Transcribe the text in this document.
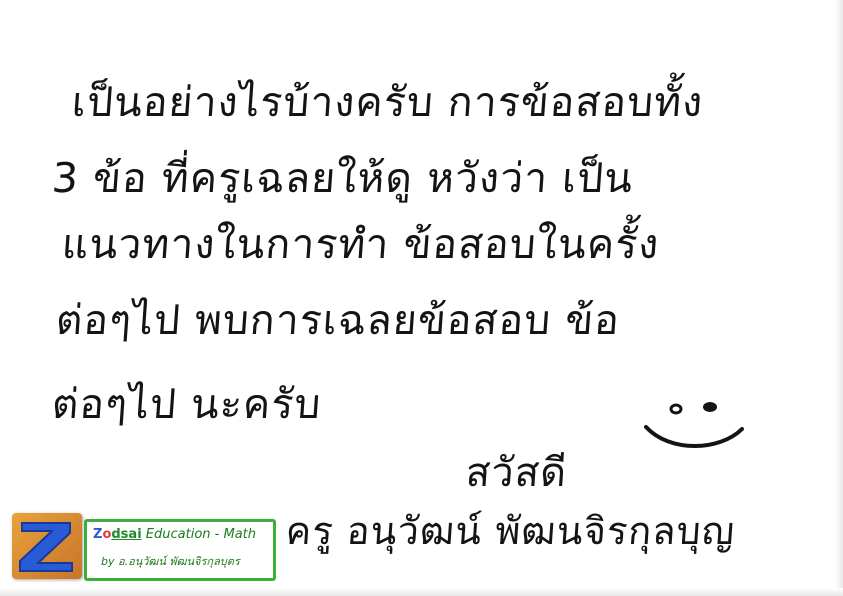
เป็นอย่างไรบ้างครับ การข้อสอบทั้ง
3 ข้อ ที่ครูเฉลยให้ดู หวังว่า เป็น
แนวทางในการทำ ข้อสอบในครั้ง
ต่อๆไป พบการเฉลยข้อสอบ ข้อ
ต่อๆไป นะครับ
สวัสดี
ครู อนุวัฒน์ พัฒนจิรกุลบุญ
Zodsai Education - Math
by อ.อนุวัฒน์ พัฒนจิรกุลบุตร
